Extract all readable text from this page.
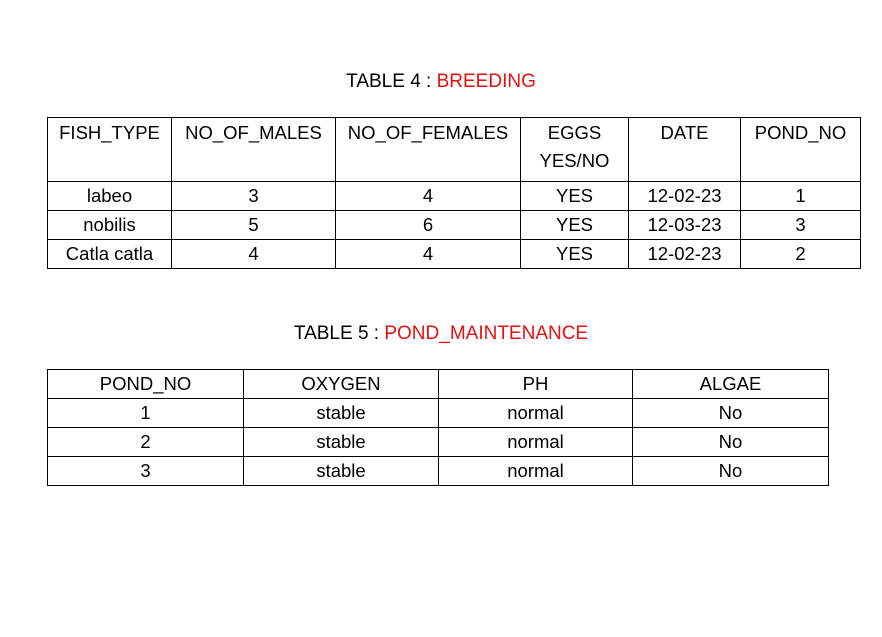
TABLE 4 : BREEDING
FISH_TYPE	NO_OF_MALES	NO_OF_FEMALES	EGGS YES/NO	DATE	POND_NO
labeo	3	4	YES	12-02-23	1
nobilis	5	6	YES	12-03-23	3
Catla catla	4	4	YES	12-02-23	2
TABLE 5 : POND_MAINTENANCE
POND_NO	OXYGEN	PH	ALGAE
1	stable	normal	No
2	stable	normal	No
3	stable	normal	No
